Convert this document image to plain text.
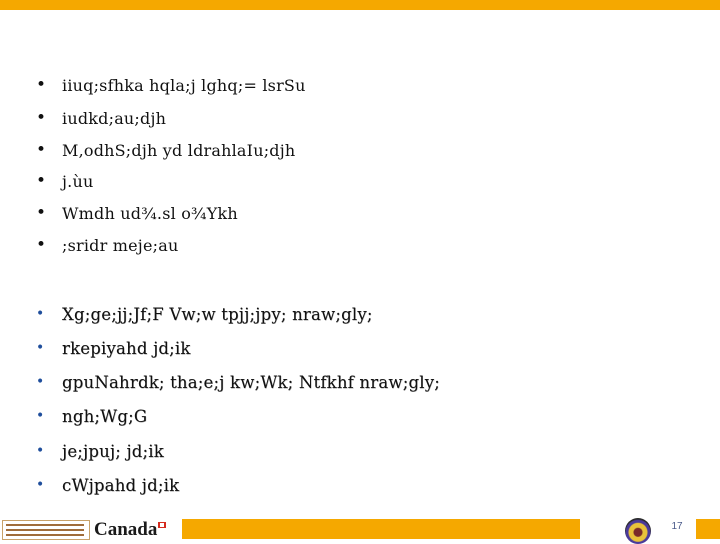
• iiuq;sfhka hqla;j lghq;= lsrSu
• iudkd;au;djh
• M,odhS;djh yd ldrahlaIu;djh
• j.ùu
• Wmdh ud¾.sl o¾Ykh
• ;sridr meje;au
•	Xg;ge;jj;Jf;F Vw;w tpjj;jpy; nraw;gly;
•	rkepiyahd jd;ik
•	gpuNahrdk; tha;e;j kw;Wk; Ntfkhf nraw;gly;
•	ngh;Wg;G
•	je;jpuj; jd;ik
•	cWjpahd jd;ik
Canada	17
